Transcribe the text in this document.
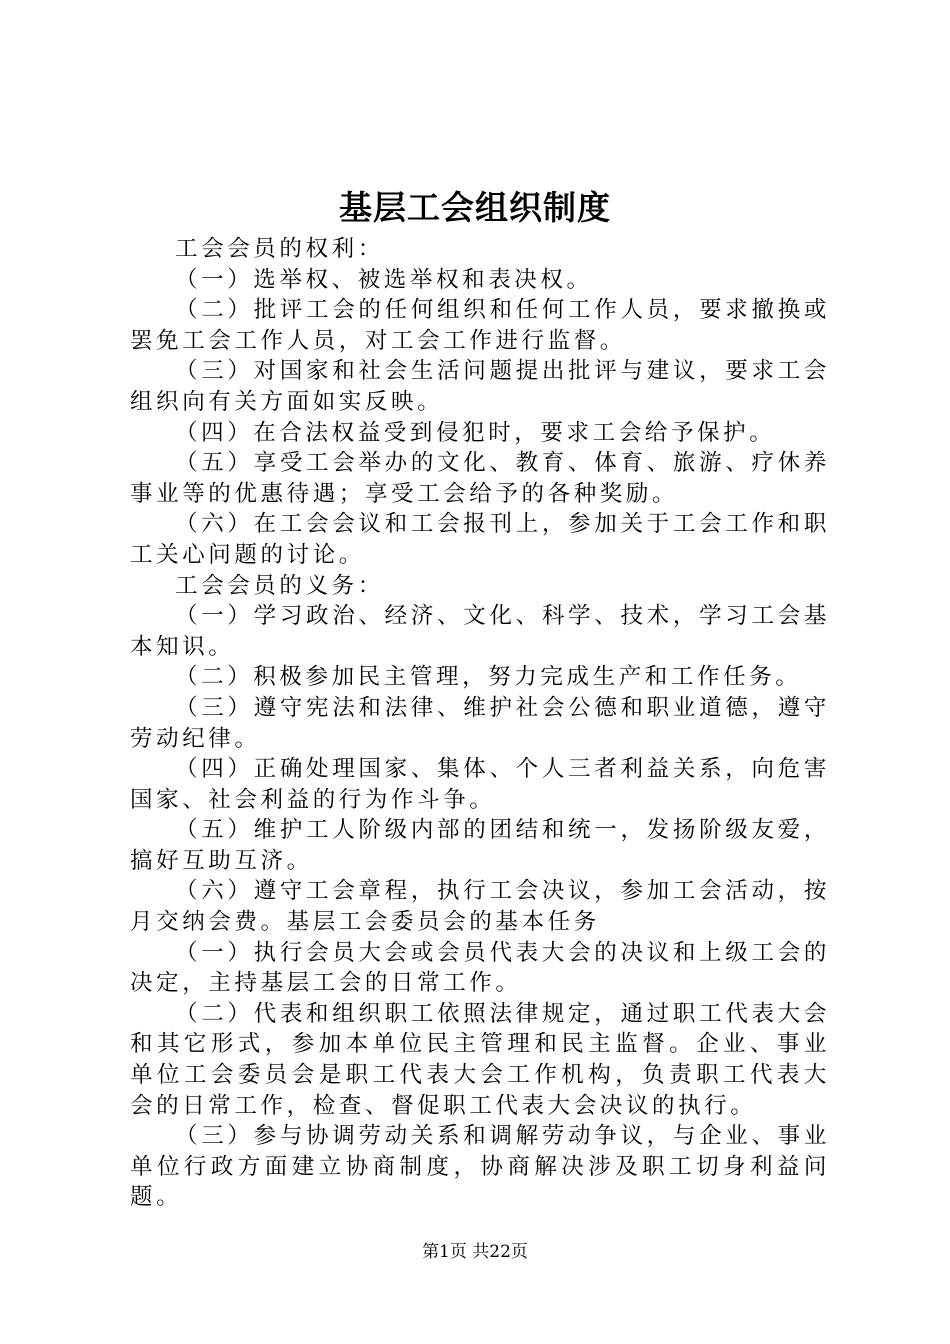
基层工会组织制度

工会会员的权利：

（一）选举权、被选举权和表决权。

（二）批评工会的任何组织和任何工作人员，要求撤换或罢免工会工作人员，对工会工作进行监督。

（三）对国家和社会生活问题提出批评与建议，要求工会组织向有关方面如实反映。

（四）在合法权益受到侵犯时，要求工会给予保护。

（五）享受工会举办的文化、教育、体育、旅游、疗休养事业等的优惠待遇；享受工会给予的各种奖励。

（六）在工会会议和工会报刊上，参加关于工会工作和职工关心问题的讨论。

工会会员的义务：

（一）学习政治、经济、文化、科学、技术，学习工会基本知识。

（二）积极参加民主管理，努力完成生产和工作任务。

（三）遵守宪法和法律、维护社会公德和职业道德，遵守劳动纪律。

（四）正确处理国家、集体、个人三者利益关系，向危害国家、社会利益的行为作斗争。

（五）维护工人阶级内部的团结和统一，发扬阶级友爱，搞好互助互济。

（六）遵守工会章程，执行工会决议，参加工会活动，按月交纳会费。基层工会委员会的基本任务

（一）执行会员大会或会员代表大会的决议和上级工会的决定，主持基层工会的日常工作。

（二）代表和组织职工依照法律规定，通过职工代表大会和其它形式，参加本单位民主管理和民主监督。企业、事业单位工会委员会是职工代表大会工作机构，负责职工代表大会的日常工作，检查、督促职工代表大会决议的执行。

（三）参与协调劳动关系和调解劳动争议，与企业、事业单位行政方面建立协商制度，协商解决涉及职工切身利益问题。

第1页 共22页
